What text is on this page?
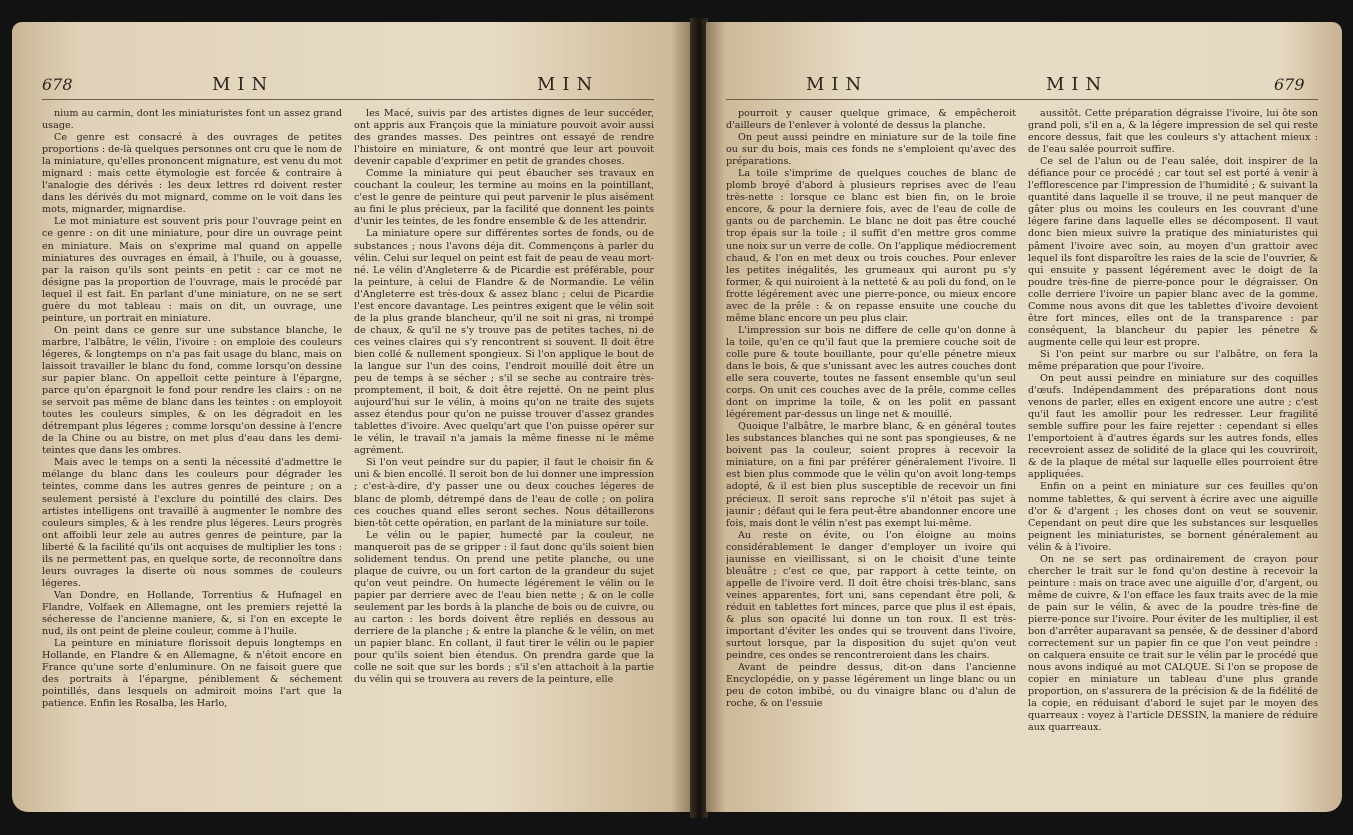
678	MIN	MIN

nium au carmin, dont les miniaturistes font un assez grand usage.

Ce genre est consacré à des ouvrages de petites proportions : de-là quelques personnes ont cru que le nom de la miniature, qu'elles prononcent mignature, est venu du mot mignard : mais cette étymologie est forcée & contraire à l'analogie des dérivés : les deux lettres rd doivent rester dans les dérivés du mot mignard, comme on le voit dans les mots, mignarder, mignardise.

Le mot miniature est souvent pris pour l'ouvrage peint en ce genre : on dit une miniature, pour dire un ouvrage peint en miniature. Mais on s'exprime mal quand on appelle miniatures des ouvrages en émail, à l'huile, ou à gouasse, par la raison qu'ils sont peints en petit : car ce mot ne désigne pas la proportion de l'ouvrage, mais le procédé par lequel il est fait. En parlant d'une miniature, on ne se sert guère du mot tableau : mais on dit, un ouvrage, une peinture, un portrait en miniature.

On peint dans ce genre sur une substance blanche, le marbre, l'albâtre, le vélin, l'ivoire : on emploie des couleurs légeres, & longtemps on n'a pas fait usage du blanc, mais on laissoit travailler le blanc du fond, comme lorsqu'on dessine sur papier blanc. On appelloit cette peinture à l'épargne, parce qu'on épargnoit le fond pour rendre les clairs : on ne se servoit pas même de blanc dans les teintes : on employoit toutes les couleurs simples, & on les dégradoit en les détrempant plus légeres ; comme lorsqu'on dessine à l'encre de la Chine ou au bistre, on met plus d'eau dans les demi-teintes que dans les ombres.

Mais avec le temps on a senti la nécessité d'admettre le mélange du blanc dans les couleurs pour dégrader les teintes, comme dans les autres genres de peinture ; on a seulement persisté à l'exclure du pointillé des clairs. Des artistes intelligens ont travaillé à augmenter le nombre des couleurs simples, & à les rendre plus légeres. Leurs progrès ont affoibli leur zele au autres genres de peinture, par la liberté & la facilité qu'ils ont acquises de multiplier les tons : ils ne permettent pas, en quelque sorte, de reconnoître dans leurs ouvrages la diserte où nous sommes de couleurs légeres.

Van Dondre, en Hollande, Torrentius & Hufnagel en Flandre, Volfaek en Allemagne, ont les premiers rejetté la sécheresse de l'ancienne maniere, &, si l'on en excepte le nud, ils ont peint de pleine couleur, comme à l'huile.

La peinture en miniature florissoit depuis longtemps en Hollande, en Flandre & en Allemagne, & n'étoit encore en France qu'une sorte d'enluminure. On ne faisoit guere que des portraits à l'épargne, péniblement & séchement pointillés, dans lesquels on admiroit moins l'art que la patience. Enfin les Rosalba, les Harlo,

les Macé, suivis par des artistes dignes de leur succéder, ont appris aux François que la miniature pouvoit avoir aussi des grandes masses. Des peintres ont essayé de rendre l'histoire en miniature, & ont montré que leur art pouvoit devenir capable d'exprimer en petit de grandes choses.

Comme la miniature qui peut ébaucher ses travaux en couchant la couleur, les termine au moins en la pointillant, c'est le genre de peinture qui peut parvenir le plus aisément au fini le plus précieux, par la facilité que donnent les points d'unir les teintes, de les fondre ensemble & de les attendrir.

La miniature opere sur différentes sortes de fonds, ou de substances ; nous l'avons déja dit. Commençons à parler du vélin. Celui sur lequel on peint est fait de peau de veau mort-né. Le vélin d'Angleterre & de Picardie est préférable, pour la peinture, à celui de Flandre & de Normandie. Le vélin d'Angleterre est très-doux & assez blanc ; celui de Picardie l'est encore davantage. Les peintres exigent que le vélin soit de la plus grande blancheur, qu'il ne soit ni gras, ni trompé de chaux, & qu'il ne s'y trouve pas de petites taches, ni de ces veines claires qui s'y rencontrent si souvent. Il doit être bien collé & nullement spongieux. Si l'on applique le bout de la langue sur l'un des coins, l'endroit mouillé doit être un peu de temps à se sécher ; s'il se seche au contraire très-promptement, il boit, & doit être rejetté. On ne peint plus aujourd'hui sur le vélin, à moins qu'on ne traite des sujets assez étendus pour qu'on ne puisse trouver d'assez grandes tablettes d'ivoire. Avec quelqu'art que l'on puisse opérer sur le vélin, le travail n'a jamais la même finesse ni le même agrément.

Si l'on veut peindre sur du papier, il faut le choisir fin & uni & bien encollé. Il seroit bon de lui donner une impression ; c'est-à-dire, d'y passer une ou deux couches légeres de blanc de plomb, détrempé dans de l'eau de colle ; on polira ces couches quand elles seront seches. Nous détaillerons bien-tôt cette opération, en parlant de la miniature sur toile.

Le vélin ou le papier, humecté par la couleur, ne manqueroit pas de se gripper : il faut donc qu'ils soient bien solidement tendus. On prend une petite planche, ou une plaque de cuivre, ou un fort carton de la grandeur du sujet qu'on veut peindre. On humecte légérement le vélin ou le papier par derriere avec de l'eau bien nette ; & on le colle seulement par les bords à la planche de bois ou de cuivre, ou au carton : les bords doivent être repliés en dessous au derriere de la planche ; & entre la planche & le vélin, on met un papier blanc. En collant, il faut tirer le vélin ou le papier pour qu'ils soient bien étendus. On prendra garde que la colle ne soit que sur les bords ; s'il s'en attachoit à la partie du vélin qui se trouvera au revers de la peinture, elle

MIN	MIN	679

pourroit y causer quelque grimace, & empêcheroit d'ailleurs de l'enlever à volonté de dessus la planche.

On peut aussi peindre en miniature sur de la toile fine ou sur du bois, mais ces fonds ne s'emploient qu'avec des préparations.

La toile s'imprime de quelques couches de blanc de plomb broyé d'abord à plusieurs reprises avec de l'eau très-nette : lorsque ce blanc est bien fin, on le broie encore, & pour la derniere fois, avec de l'eau de colle de gants ou de parchemin. Le blanc ne doit pas être couché trop épais sur la toile ; il suffit d'en mettre gros comme une noix sur un verre de colle. On l'applique médiocrement chaud, & l'on en met deux ou trois couches. Pour enlever les petites inégalités, les grumeaux qui auront pu s'y former, & qui nuiroient à la netteté & au poli du fond, on le frotte légérement avec une pierre-ponce, ou mieux encore avec de la prêle : & on repasse ensuite une couche du même blanc encore un peu plus clair.

L'impression sur bois ne differe de celle qu'on donne à la toile, qu'en ce qu'il faut que la premiere couche soit de colle pure & toute bouillante, pour qu'elle pénetre mieux dans le bois, & que s'unissant avec les autres couches dont elle sera couverte, toutes ne fassent ensemble qu'un seul corps. On unit ces couches avec de la prêle, comme celles dont on imprime la toile, & on les polit en passant légérement par-dessus un linge net & mouillé.

Quoique l'albâtre, le marbre blanc, & en général toutes les substances blanches qui ne sont pas spongieuses, & ne boivent pas la couleur, soient propres à recevoir la miniature, on a fini par préférer généralement l'ivoire. Il est bien plus commode que le vélin qu'on avoit long-temps adopté, & il est bien plus susceptible de recevoir un fini précieux. Il seroit sans reproche s'il n'étoit pas sujet à jaunir ; défaut qui le fera peut-être abandonner encore une fois, mais dont le vélin n'est pas exempt lui-même.

Au reste on évite, ou l'on éloigne au moins considérablement le danger d'employer un ivoire qui jaunisse en vieillissant, si on le choisit d'une teinte bleuâtre ; c'est ce que, par rapport à cette teinte, on appelle de l'ivoire verd. Il doit être choisi très-blanc, sans veines apparentes, fort uni, sans cependant être poli, & réduit en tablettes fort minces, parce que plus il est épais, & plus son opacité lui donne un ton roux. Il est très-important d'éviter les ondes qui se trouvent dans l'ivoire, surtout lorsque, par la disposition du sujet qu'on veut peindre, ces ondes se rencontreroient dans les chairs.

Avant de peindre dessus, dit-on dans l'ancienne Encyclopédie, on y passe légérement un linge blanc ou un peu de coton imbibé, ou du vinaigre blanc ou d'alun de roche, & on l'essuie

aussitôt. Cette préparation dégraisse l'ivoire, lui ôte son grand poli, s'il en a, & la légere impression de sel qui reste encore dessus, fait que les couleurs s'y attachent mieux : de l'eau salée pourroit suffire.

Ce sel de l'alun ou de l'eau salée, doit inspirer de la défiance pour ce procédé ; car tout sel est porté à venir à l'efflorescence par l'impression de l'humidité ; & suivant la quantité dans laquelle il se trouve, il ne peut manquer de gâter plus ou moins les couleurs en les couvrant d'une légere farine dans laquelle elles se décomposent. Il vaut donc bien mieux suivre la pratique des miniaturistes qui pâment l'ivoire avec soin, au moyen d'un grattoir avec lequel ils font disparoître les raies de la scie de l'ouvrier, & qui ensuite y passent légérement avec le doigt de la poudre très-fine de pierre-ponce pour le dégraisser. On colle derriere l'ivoire un papier blanc avec de la gomme. Comme nous avons dit que les tablettes d'ivoire devoient être fort minces, elles ont de la transparence : par conséquent, la blancheur du papier les pénetre & augmente celle qui leur est propre.

Si l'on peint sur marbre ou sur l'albâtre, on fera la même préparation que pour l'ivoire.

On peut aussi peindre en miniature sur des coquilles d'œufs. Indépendamment des préparations dont nous venons de parler, elles en exigent encore une autre ; c'est qu'il faut les amollir pour les redresser. Leur fragilité semble suffire pour les faire rejetter : cependant si elles l'emportoient à d'autres égards sur les autres fonds, elles recevroient assez de solidité de la glace qui les couvriroit, & de la plaque de métal sur laquelle elles pourroient être appliquées.

Enfin on a peint en miniature sur ces feuilles qu'on nomme tablettes, & qui servent à écrire avec une aiguille d'or & d'argent ; les choses dont on veut se souvenir. Cependant on peut dire que les substances sur lesquelles peignent les miniaturistes, se bornent généralement au vélin & à l'ivoire.

On ne se sert pas ordinairement de crayon pour chercher le trait sur le fond qu'on destine à recevoir la peinture : mais on trace avec une aiguille d'or, d'argent, ou même de cuivre, & l'on efface les faux traits avec de la mie de pain sur le vélin, & avec de la poudre très-fine de pierre-ponce sur l'ivoire. Pour éviter de les multiplier, il est bon d'arrêter auparavant sa pensée, & de dessiner d'abord correctement sur un papier fin ce que l'on veut peindre : on calquera ensuite ce trait sur le vélin par le procédé que nous avons indiqué au mot CALQUE. Si l'on se propose de copier en miniature un tableau d'une plus grande proportion, on s'assurera de la précision & de la fidélité de la copie, en réduisant d'abord le sujet par le moyen des quarreaux : voyez à l'article DESSIN, la maniere de réduire aux quarreaux.
